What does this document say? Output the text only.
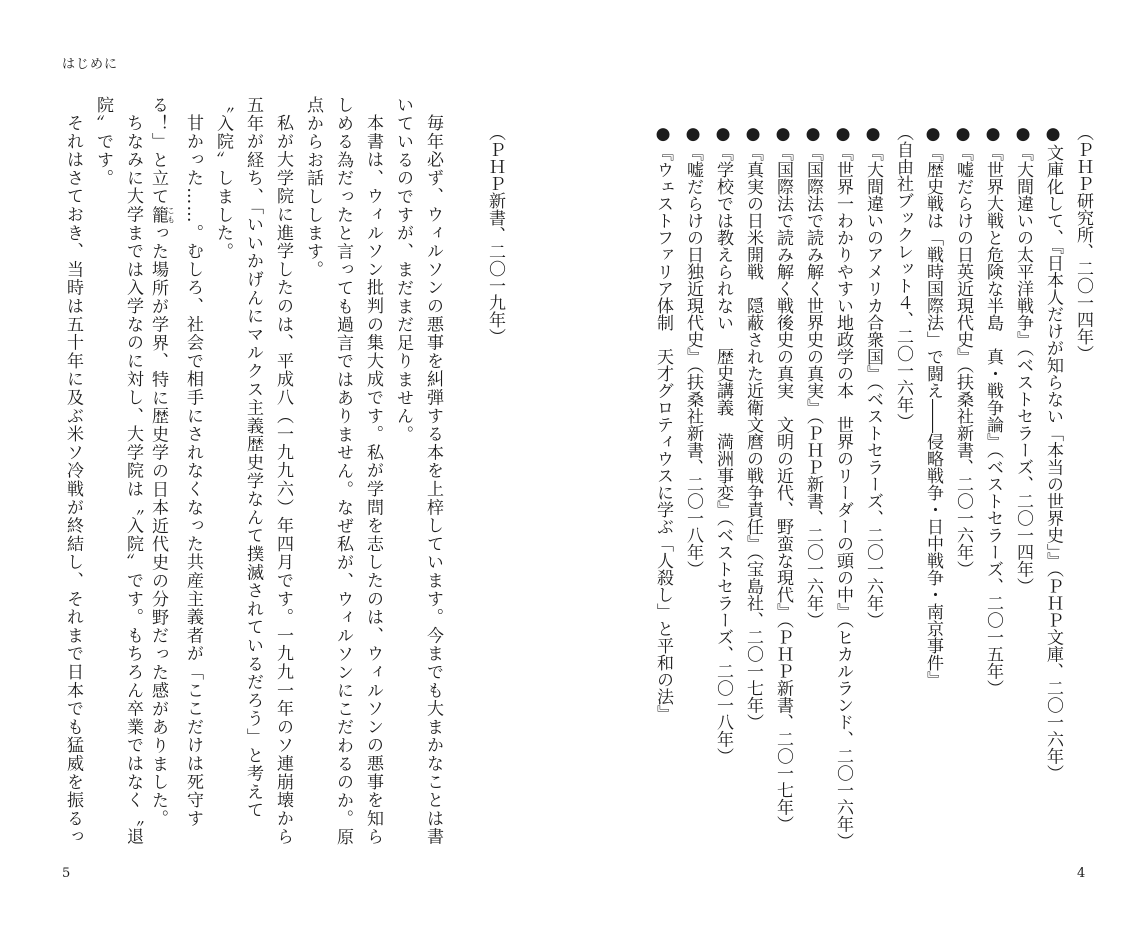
はじめに
（ＰＨＰ新書、二〇一九年）
毎年必ず、ウィルソンの悪事を糾弾する本を上梓しています。今までも大まかなことは書
いているのですが、まだまだ足りません。
本書は、ウィルソン批判の集大成です。私が学問を志したのは、ウィルソンの悪事を知ら
しめる為だったと言っても過言ではありません。なぜ私が、ウィルソンにこだわるのか。原
点からお話しします。
私が大学院に進学したのは、平成八（一九九六）年四月です。一九九一年のソ連崩壊から
五年が経ち、「いいかげんにマルクス主義歴史学なんて撲滅されているだろう」と考えて
〝入院〟しました。
甘かった……。むしろ、社会で相手にされなくなった共産主義者が「ここだけは死守す
る！」と立て籠こもった場所が学界、特に歴史学の日本近代史の分野だった感がありました。
ちなみに大学までは入学なのに対し、大学院は〝入院〟です。もちろん卒業ではなく〝退
院〟です。
それはさておき、当時は五十年に及ぶ米ソ冷戦が終結し、それまで日本でも猛威を振るっ
5
（ＰＨＰ研究所、二〇一四年）
●文庫化して、『日本人だけが知らない「本当の世界史」』（ＰＨＰ文庫、二〇一六年）
●『大間違いの太平洋戦争』（ベストセラーズ、二〇一四年）
●『世界大戦と危険な半島　真・戦争論』（ベストセラーズ、二〇一五年）
●『嘘だらけの日英近現代史』（扶桑社新書、二〇一六年）
●『歴史戦は「戦時国際法」で闘え――侵略戦争・日中戦争・南京事件』
（自由社ブックレット４、二〇一六年）
●『大間違いのアメリカ合衆国』（ベストセラーズ、二〇一六年）
●『世界一わかりやすい地政学の本　世界のリーダーの頭の中』（ヒカルランド、二〇一六年）
●『国際法で読み解く世界史の真実』（ＰＨＰ新書、二〇一六年）
●『国際法で読み解く戦後史の真実　文明の近代、野蛮な現代』（ＰＨＰ新書、二〇一七年）
●『真実の日米開戦　隠蔽された近衛文麿の戦争責任』（宝島社、二〇一七年）
●『学校では教えられない　歴史講義　満洲事変』（ベストセラーズ、二〇一八年）
●『嘘だらけの日独近現代史』（扶桑社新書、二〇一八年）
●『ウェストファリア体制　天才グロティウスに学ぶ「人殺し」と平和の法』
4
